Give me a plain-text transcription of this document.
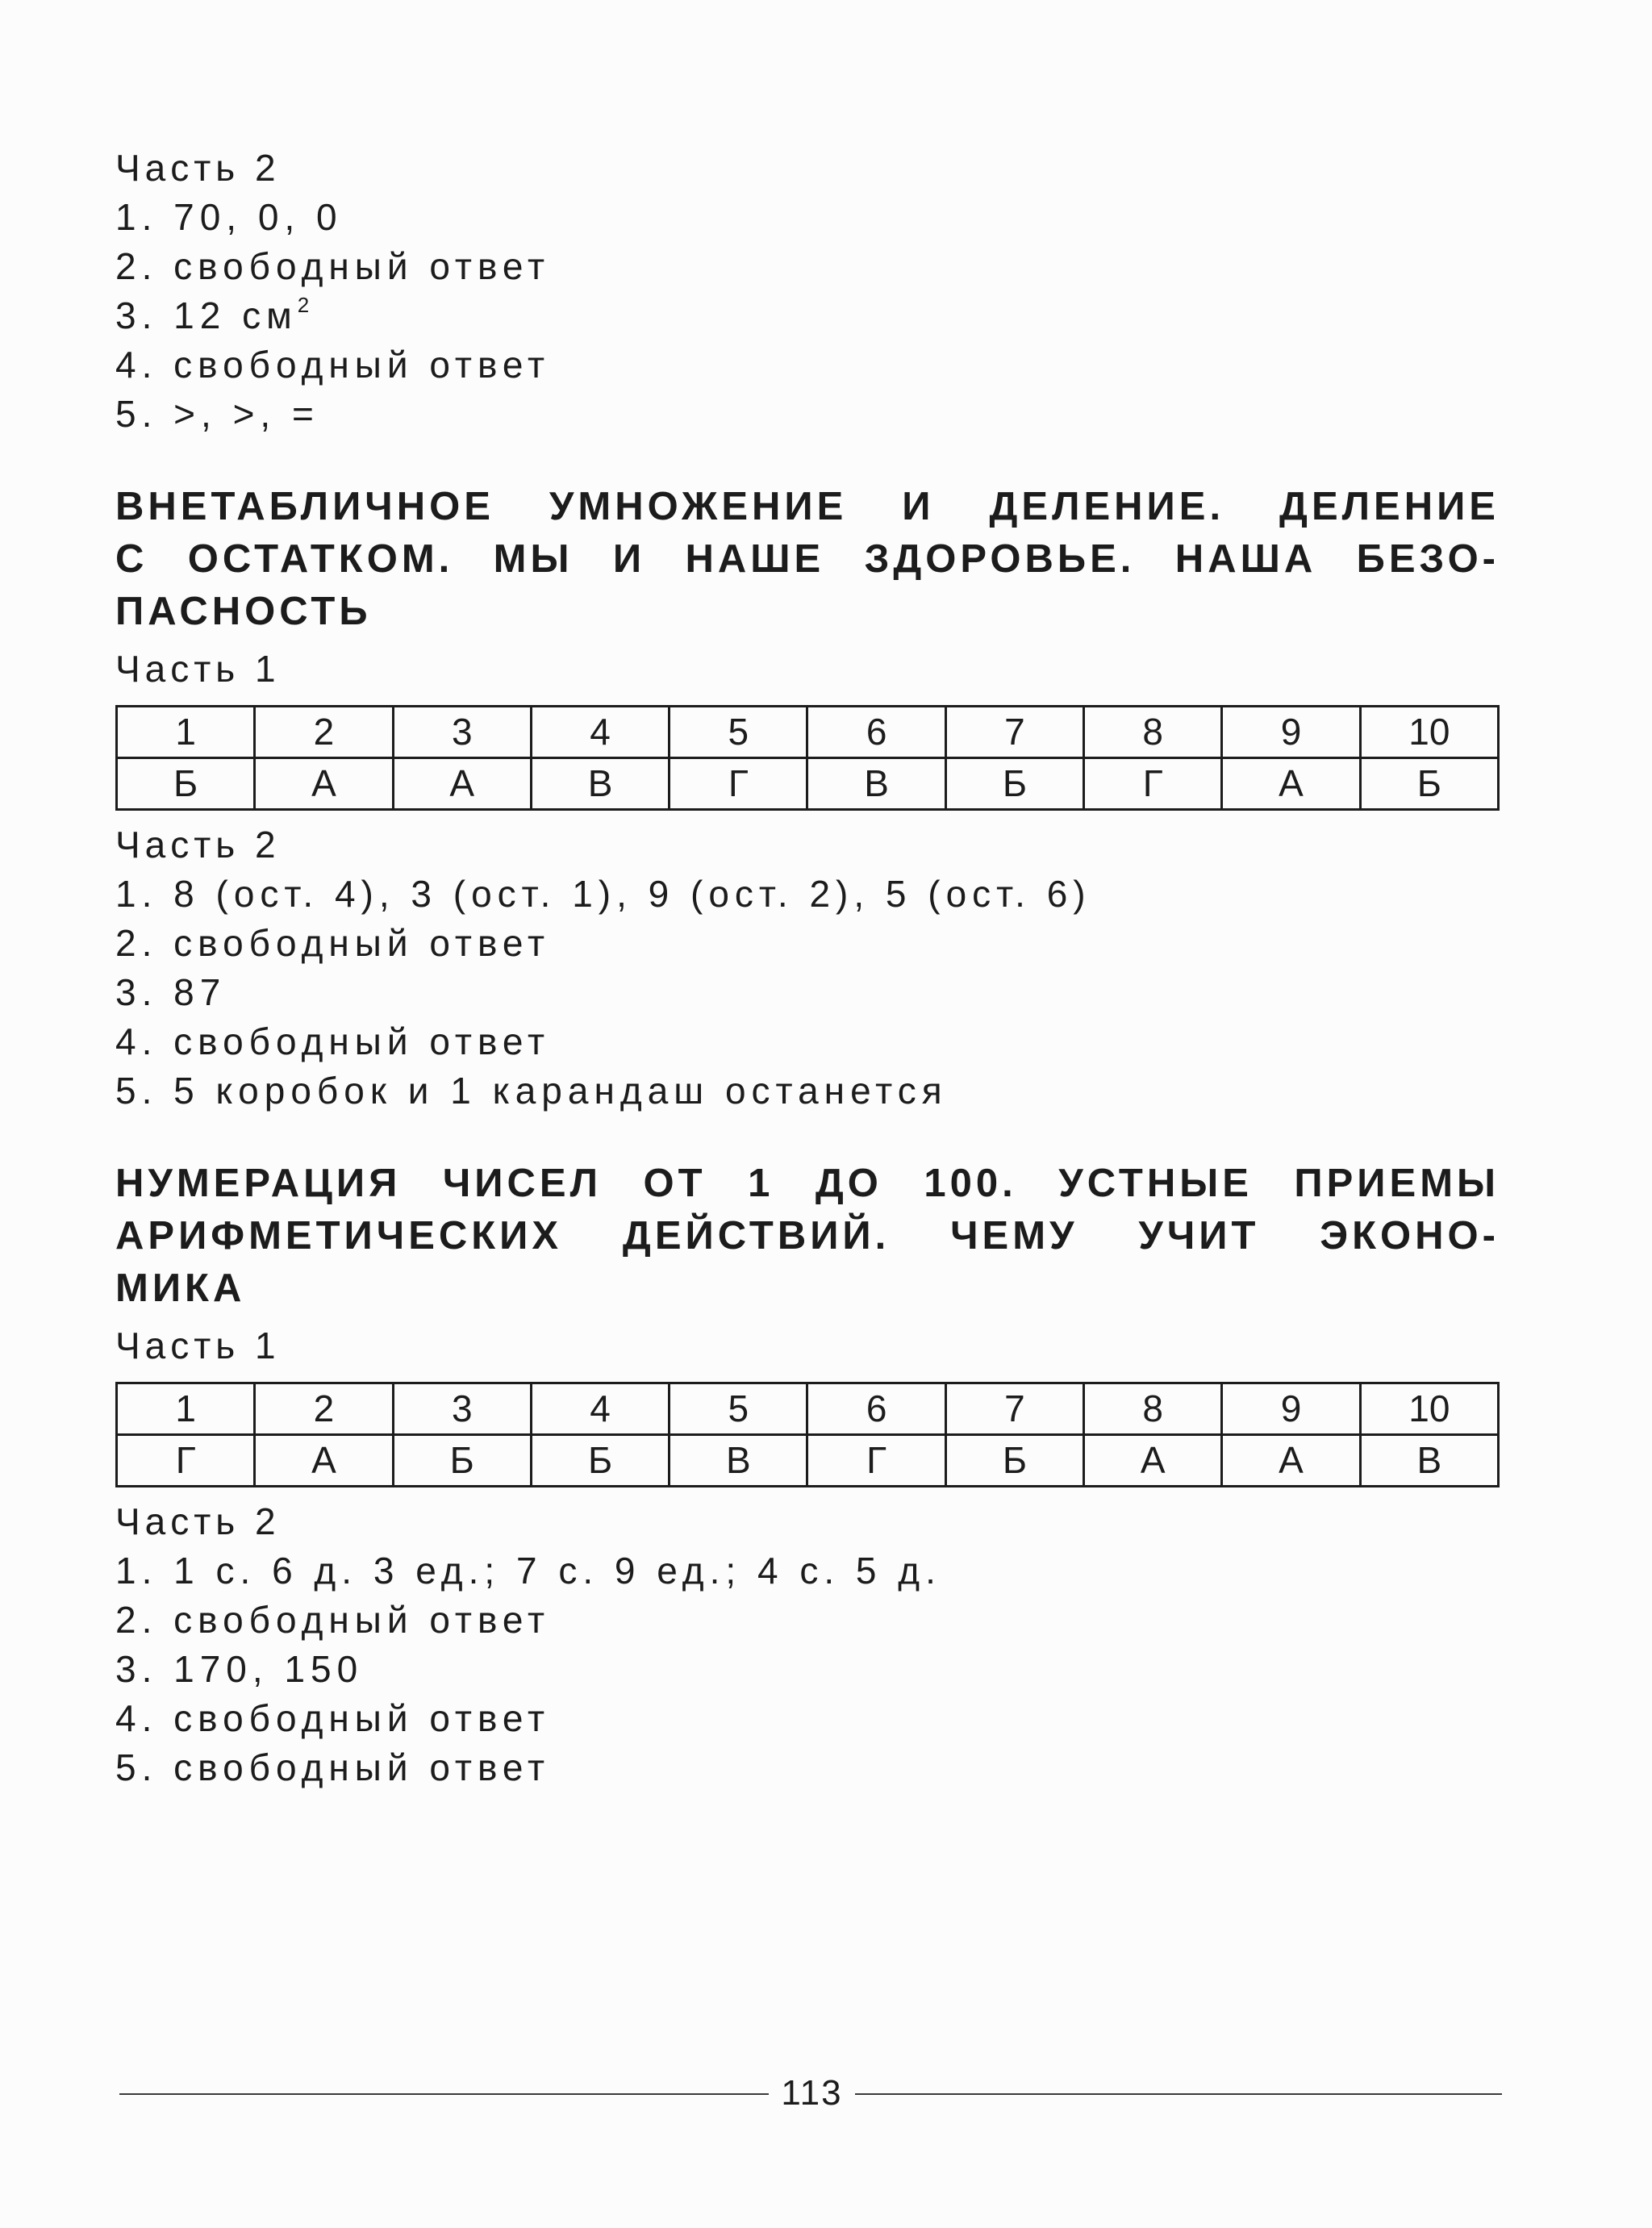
Часть 2
1. 70, 0, 0
2. свободный ответ
3. 12 $см^2$
4. свободный ответ
5. >, >, =
ВНЕТАБЛИЧНОЕ УМНОЖЕНИЕ И ДЕЛЕНИЕ. ДЕЛЕНИЕ
С ОСТАТКОМ. МЫ И НАШЕ ЗДОРОВЬЕ. НАША БЕЗО-
ПАСНОСТЬ
Часть 1
1	2	3	4	5	6	7	8	9	10
Б	А	А	В	Г	В	Б	Г	А	Б
Часть 2
1. 8 (ост. 4), 3 (ост. 1), 9 (ост. 2), 5 (ост. 6)
2. свободный ответ
3. 87
4. свободный ответ
5. 5 коробок и 1 карандаш останется
НУМЕРАЦИЯ ЧИСЕЛ ОТ 1 ДО 100. УСТНЫЕ ПРИЕМЫ
АРИФМЕТИЧЕСКИХ ДЕЙСТВИЙ. ЧЕМУ УЧИТ ЭКОНО-
МИКА
Часть 1
1	2	3	4	5	6	7	8	9	10
Г	А	Б	Б	В	Г	Б	А	А	В
Часть 2
1. 1 с. 6 д. 3 ед.; 7 с. 9 ед.; 4 с. 5 д.
2. свободный ответ
3. 170, 150
4. свободный ответ
5. свободный ответ
113
